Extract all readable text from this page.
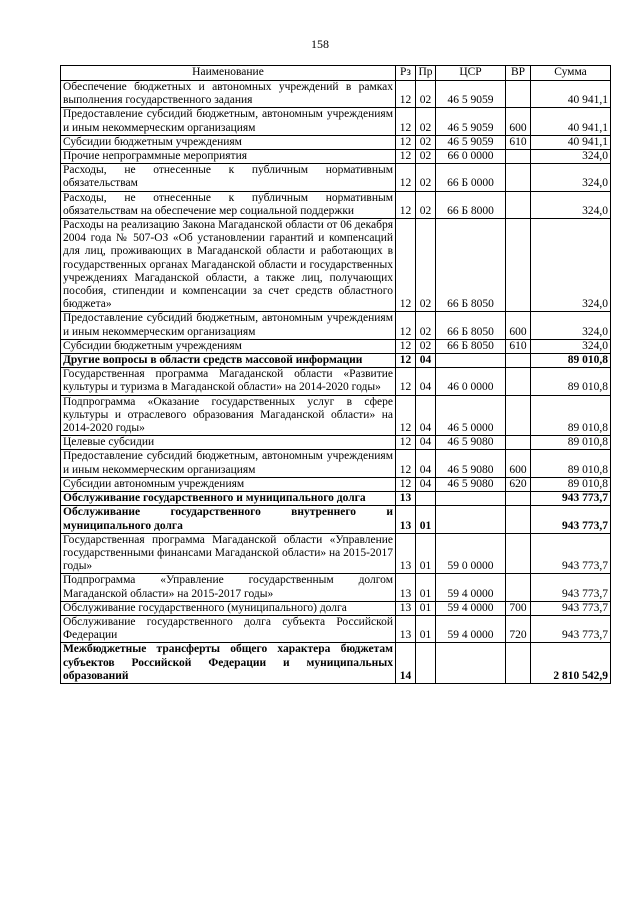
158
Наименование	Рз	Пр	ЦСР	ВР	Сумма
Обеспечение бюджетных и автономных учреждений в рамках выполнения государственного задания	12	02	46 5 9059		40 941,1
Предоставление субсидий бюджетным, автономным учреждениям и иным некоммерческим организациям	12	02	46 5 9059	600	40 941,1
Субсидии бюджетным учреждениям	12	02	46 5 9059	610	40 941,1
Прочие непрограммные мероприятия	12	02	66 0 0000		324,0
Расходы, не отнесенные к публичным нормативным обязательствам	12	02	66 Б 0000		324,0
Расходы, не отнесенные к публичным нормативным обязательствам на обеспечение мер социальной поддержки	12	02	66 Б 8000		324,0
Расходы на реализацию Закона Магаданской области от 06 декабря 2004 года № 507-ОЗ «Об установлении гарантий и компенсаций для лиц, проживающих в Магаданской области и работающих в государственных органах Магаданской области и государственных учреждениях Магаданской области, а также лиц, получающих пособия, стипендии и компенсации за счет средств областного бюджета»	12	02	66 Б 8050		324,0
Предоставление субсидий бюджетным, автономным учреждениям и иным некоммерческим организациям	12	02	66 Б 8050	600	324,0
Субсидии бюджетным учреждениям	12	02	66 Б 8050	610	324,0
Другие вопросы в области средств массовой информации	12	04			89 010,8
Государственная программа Магаданской области «Развитие культуры и туризма в Магаданской области» на 2014-2020 годы»	12	04	46 0 0000		89 010,8
Подпрограмма «Оказание государственных услуг в сфере культуры и отраслевого образования Магаданской области» на 2014-2020 годы»	12	04	46 5 0000		89 010,8
Целевые субсидии	12	04	46 5 9080		89 010,8
Предоставление субсидий бюджетным, автономным учреждениям и иным некоммерческим организациям	12	04	46 5 9080	600	89 010,8
Субсидии автономным учреждениям	12	04	46 5 9080	620	89 010,8
Обслуживание государственного и муниципального долга	13				943 773,7
Обслуживание государственного внутреннего и муниципального долга	13	01			943 773,7
Государственная программа Магаданской области «Управление государственными финансами Магаданской области» на 2015-2017 годы»	13	01	59 0 0000		943 773,7
Подпрограмма «Управление государственным долгом Магаданской области» на 2015-2017 годы»	13	01	59 4 0000		943 773,7
Обслуживание государственного (муниципального) долга	13	01	59 4 0000	700	943 773,7
Обслуживание государственного долга субъекта Российской Федерации	13	01	59 4 0000	720	943 773,7
Межбюджетные трансферты общего характера бюджетам субъектов Российской Федерации и муниципальных образований	14				2 810 542,9
